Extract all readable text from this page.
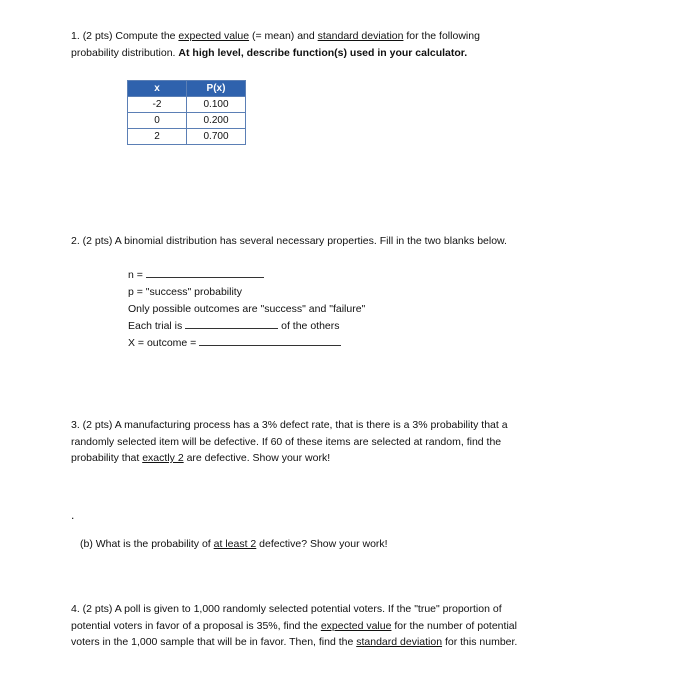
1. (2 pts) Compute the expected value (= mean) and standard deviation for the following
probability distribution. At high level, describe function(s) used in your calculator.
x	P(x)
-2	0.100
0	0.200
2	0.700
2. (2 pts) A binomial distribution has several necessary properties. Fill in the two blanks below.
n =
p = "success" probability
Only possible outcomes are "success" and "failure"
Each trial is	of the others
X = outcome =
3. (2 pts) A manufacturing process has a 3% defect rate, that is there is a 3% probability that a
randomly selected item will be defective. If 60 of these items are selected at random, find the
probability that exactly 2 are defective. Show your work!
.
(b) What is the probability of at least 2 defective? Show your work!
4. (2 pts) A poll is given to 1,000 randomly selected potential voters. If the "true" proportion of
potential voters in favor of a proposal is 35%, find the expected value for the number of potential
voters in the 1,000 sample that will be in favor. Then, find the standard deviation for this number.
